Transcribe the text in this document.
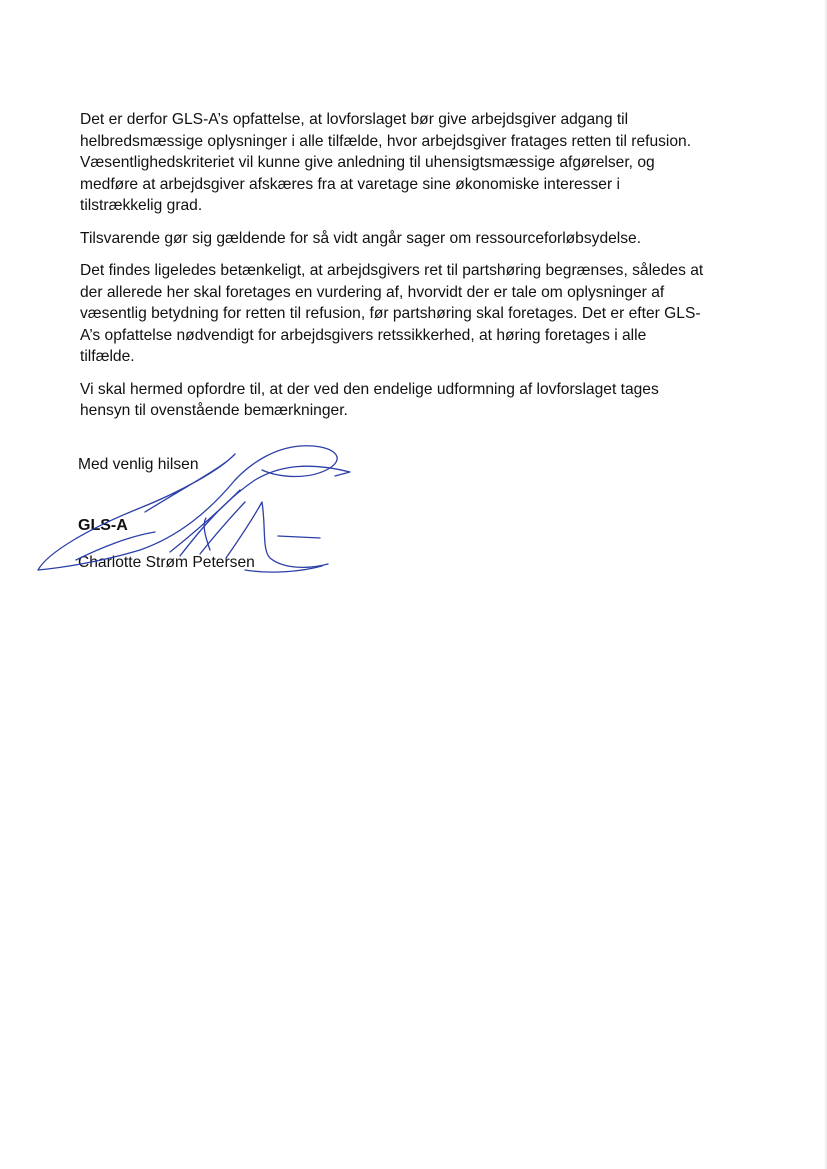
Det er derfor GLS-A’s opfattelse, at lovforslaget bør give arbejdsgiver adgang til
helbredsmæssige oplysninger i alle tilfælde, hvor arbejdsgiver fratages retten til refusion.
Væsentlighedskriteriet vil kunne give anledning til uhensigtsmæssige afgørelser, og
medføre at arbejdsgiver afskæres fra at varetage sine økonomiske interesser i
tilstrækkelig grad.

Tilsvarende gør sig gældende for så vidt angår sager om ressourceforløbsydelse.

Det findes ligeledes betænkeligt, at arbejdsgivers ret til partshøring begrænses, således at
der allerede her skal foretages en vurdering af, hvorvidt der er tale om oplysninger af
væsentlig betydning for retten til refusion, før partshøring skal foretages. Det er efter GLS-
A’s opfattelse nødvendigt for arbejdsgivers retssikkerhed, at høring foretages i alle
tilfælde.

Vi skal hermed opfordre til, at der ved den endelige udformning af lovforslaget tages
hensyn til ovenstående bemærkninger.

Med venlig hilsen
GLS-A
Charlotte Strøm Petersen
